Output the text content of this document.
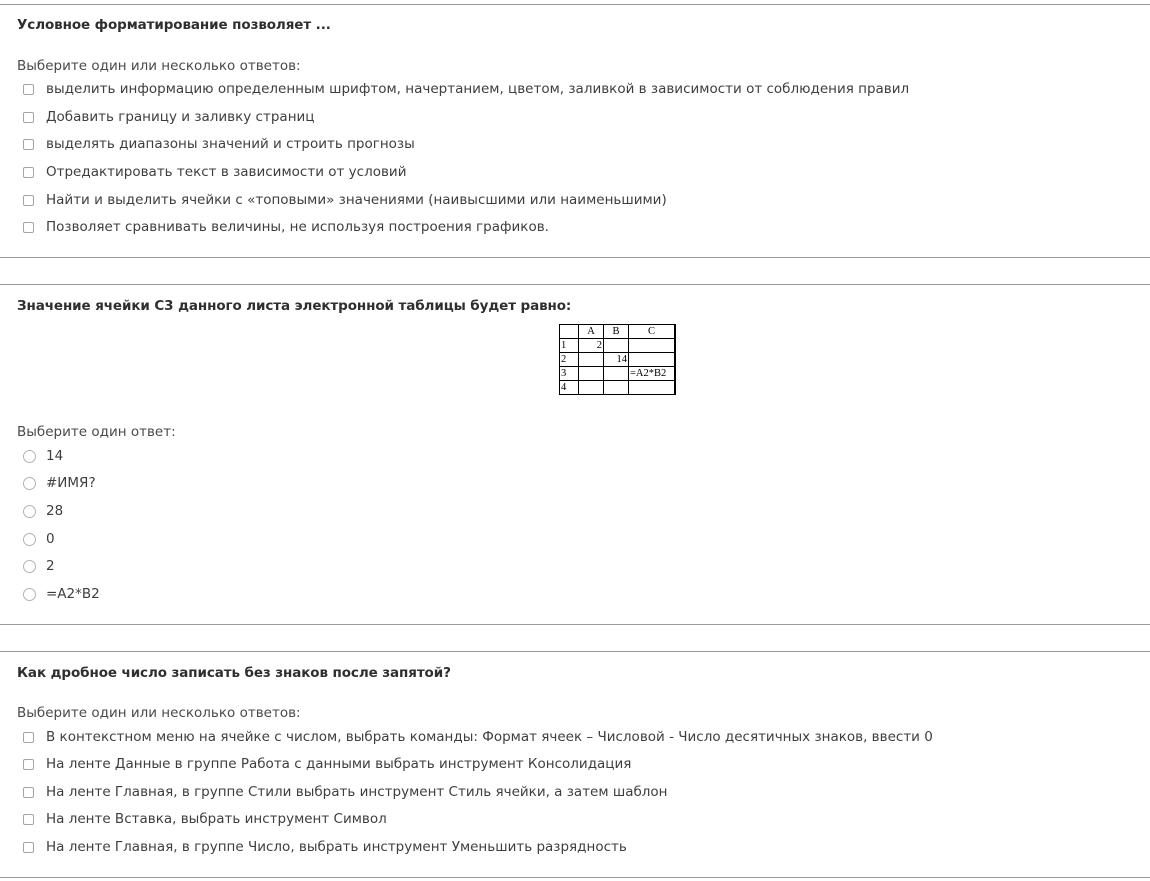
Условное форматирование позволяет ...
Выберите один или несколько ответов:
выделить информацию определенным шрифтом, начертанием, цветом, заливкой в зависимости от соблюдения правил
Добавить границу и заливку страниц
выделять диапазоны значений и строить прогнозы
Отредактировать текст в зависимости от условий
Найти и выделить ячейки с «топовыми» значениями (наивысшими или наименьшими)
Позволяет сравнивать величины, не используя построения графиков.
Значение ячейки С3 данного листа электронной таблицы будет равно:
	A	B	C
1	2		
2		14	
3			=A2*B2
4			
Выберите один ответ:
14
#ИМЯ?
28
0
2
=A2*B2
Как дробное число записать без знаков после запятой?
Выберите один или несколько ответов:
В контекстном меню на ячейке с числом, выбрать команды: Формат ячеек – Числовой - Число десятичных знаков, ввести 0
На ленте Данные в группе Работа с данными выбрать инструмент Консолидация
На ленте Главная, в группе Стили выбрать инструмент Стиль ячейки, а затем шаблон
На ленте Вставка, выбрать инструмент Символ
На ленте Главная, в группе Число, выбрать инструмент Уменьшить разрядность
